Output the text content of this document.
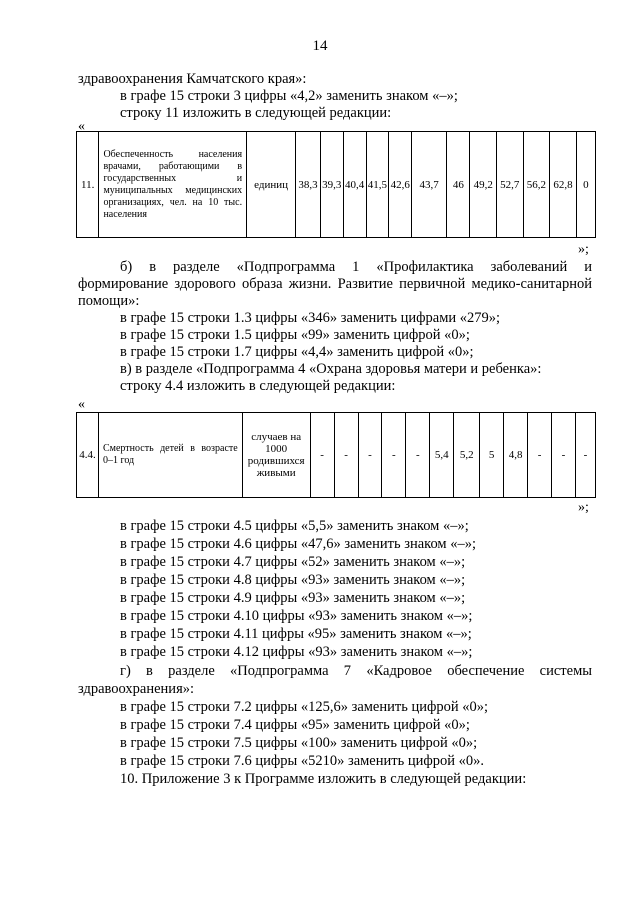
14
здравоохранения Камчатского края»:
в графе 15 строки 3 цифры «4,2» заменить знаком «–»;
строку 11 изложить в следующей редакции:
«
11.	Обеспеченность населения врачами, работающими в государственных и муниципальных медицинских организациях, чел. на 10 тыс. населения	единиц	38,3	39,3	40,4	41,5	42,6	43,7	46	49,2	52,7	56,2	62,8	0
»;
б) в разделе «Подпрограмма 1 «Профилактика заболеваний и
формирование здорового образа жизни. Развитие первичной медико-санитарной
помощи»:
в графе 15 строки 1.3 цифры «346» заменить цифрами «279»;
в графе 15 строки 1.5 цифры «99» заменить цифрой «0»;
в графе 15 строки 1.7 цифры «4,4» заменить цифрой «0»;
в) в разделе «Подпрограмма 4 «Охрана здоровья матери и ребенка»:
строку 4.4 изложить в следующей редакции:
«
4.4.	Смертность детей в возрасте 0–1 год	случаев на 1000 родившихся живыми	-	-	-	-	-	5,4	5,2	5	4,8	-	-	-
»;
в графе 15 строки 4.5 цифры «5,5» заменить знаком «–»;
в графе 15 строки 4.6 цифры «47,6» заменить знаком «–»;
в графе 15 строки 4.7 цифры «52» заменить знаком «–»;
в графе 15 строки 4.8 цифры «93» заменить знаком «–»;
в графе 15 строки 4.9 цифры «93» заменить знаком «–»;
в графе 15 строки 4.10 цифры «93» заменить знаком «–»;
в графе 15 строки 4.11 цифры «95» заменить знаком «–»;
в графе 15 строки 4.12 цифры «93» заменить знаком «–»;
г) в разделе «Подпрограмма 7 «Кадровое обеспечение системы
здравоохранения»:
в графе 15 строки 7.2 цифры «125,6» заменить цифрой «0»;
в графе 15 строки 7.4 цифры «95» заменить цифрой «0»;
в графе 15 строки 7.5 цифры «100» заменить цифрой «0»;
в графе 15 строки 7.6 цифры «5210» заменить цифрой «0».
10. Приложение 3 к Программе изложить в следующей редакции:
